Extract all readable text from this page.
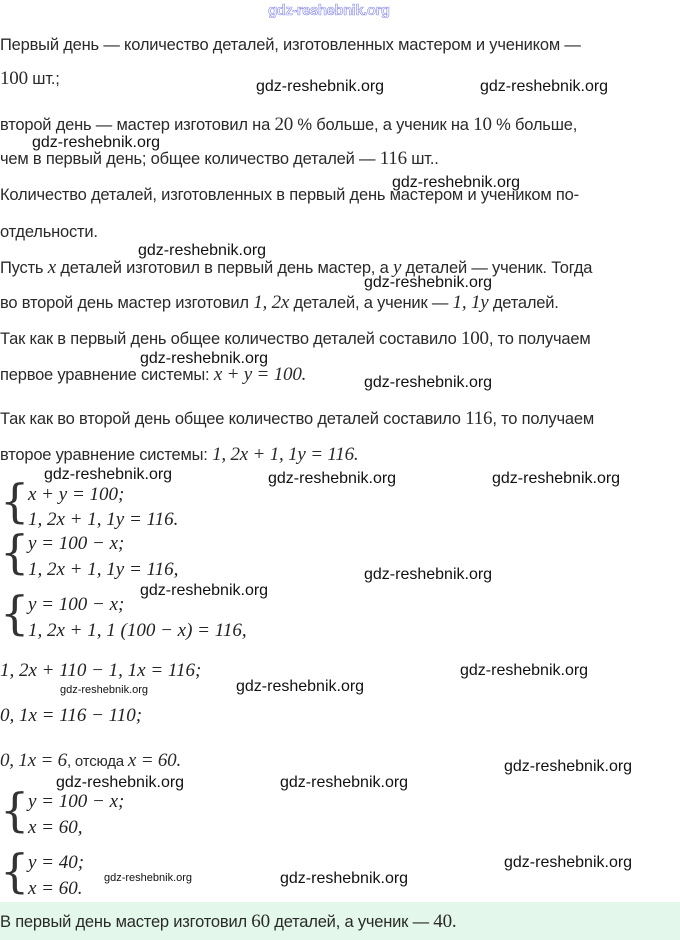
gdz-reshebnik.org
Первый день — количество деталей, изготовленных мастером и учеником —
100 шт.;
второй день — мастер изготовил на 20 % больше, а ученик на 10 % больше,
чем в первый день; общее количество деталей — 116 шт..
Количество деталей, изготовленных в первый день мастером и учеником по-
отдельности.
Пусть x деталей изготовил в первый день мастер, а y деталей — ученик. Тогда
во второй день мастер изготовил 1, 2x деталей, а ученик — 1, 1y деталей.
Так как в первый день общее количество деталей составило 100, то получаем
первое уравнение системы: x + y = 100.
Так как во второй день общее количество деталей составило 116, то получаем
второе уравнение системы: 1, 2x + 1, 1y = 116.
{
x + y = 100;
1, 2x + 1, 1y = 116.
{
y = 100 − x;
1, 2x + 1, 1y = 116,
{
y = 100 − x;
1, 2x + 1, 1 (100 − x) = 116,
1, 2x + 110 − 1, 1x = 116;
0, 1x = 116 − 110;
0, 1x = 6, отсюда x = 60.
{
y = 100 − x;
x = 60,
{
y = 40;
x = 60.
В первый день мастер изготовил 60 деталей, а ученик — 40.
gdz-reshebnik.org	gdz-reshebnik.org
gdz-reshebnik.org
gdz-reshebnik.org
gdz-reshebnik.org
gdz-reshebnik.org
gdz-reshebnik.org
gdz-reshebnik.org
gdz-reshebnik.org	gdz-reshebnik.org	gdz-reshebnik.org
gdz-reshebnik.org
gdz-reshebnik.org
gdz-reshebnik.org
gdz-reshebnik.org	gdz-reshebnik.org
gdz-reshebnik.org
gdz-reshebnik.org	gdz-reshebnik.org
gdz-reshebnik.org
gdz-reshebnik.org	gdz-reshebnik.org
